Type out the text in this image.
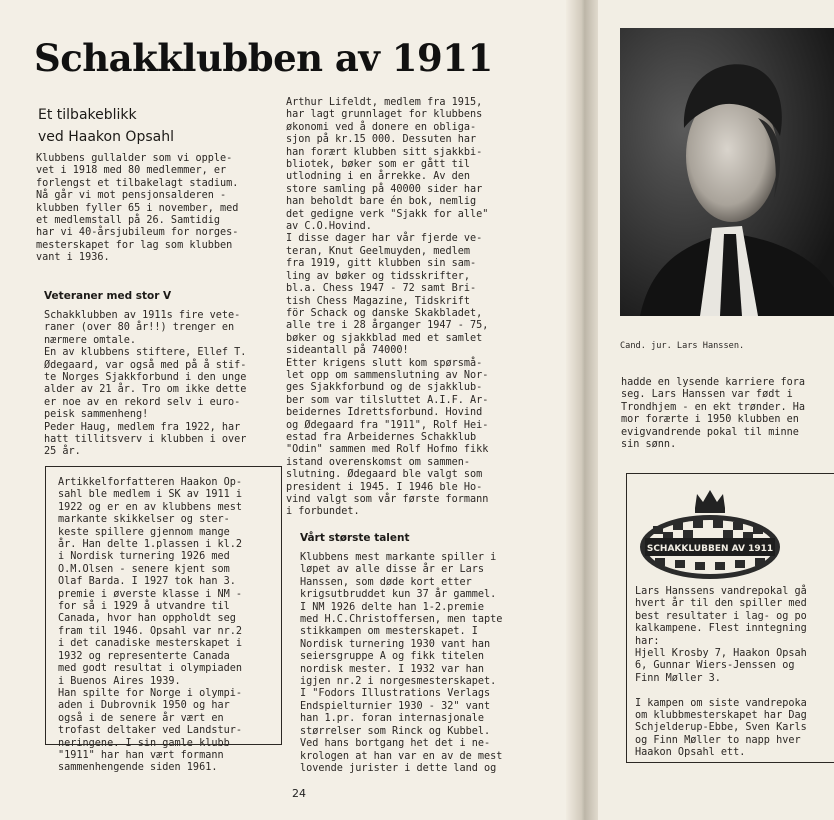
Schakklubben av 1911
Et tilbakeblikk
ved Haakon Opsahl

Klubbens gullalder som vi opple-

vet i 1918 med 80 medlemmer, er

forlengst et tilbakelagt stadium.

Nå går vi mot pensjonsalderen -

klubben fyller 65 i november, med

et medlemstall på 26. Samtidig

har vi 40-årsjubileum for norges-

mesterskapet for lag som klubben

vant i 1936.

Veteraner med stor V

Schakklubben av 1911s fire vete-

raner (over 80 år!!) trenger en

nærmere omtale.

En av klubbens stiftere, Ellef T.

Ødegaard, var også med på å stif-

te Norges Sjakkforbund i den unge

alder av 21 år. Tro om ikke dette

er noe av en rekord selv i euro-

peisk sammenheng!

Peder Haug, medlem fra 1922, har

hatt tillitsverv i klubben i over

25 år.

Artikkelforfatteren Haakon Op-

sahl ble medlem i SK av 1911 i

1922 og er en av klubbens mest

markante skikkelser og ster-

keste spillere gjennom mange

år. Han delte 1.plassen i kl.2

i Nordisk turnering 1926 med

O.M.Olsen - senere kjent som

Olaf Barda. I 1927 tok han 3.

premie i øverste klasse i NM -

for så i 1929 å utvandre til

Canada, hvor han oppholdt seg

fram til 1946. Opsahl var nr.2

i det canadiske mesterskapet i

1932 og representerte Canada

med godt resultat i olympiaden

i Buenos Aires 1939.

Han spilte for Norge i olympi-

aden i Dubrovnik 1950 og har

også i de senere år vært en

trofast deltaker ved Landstur-

neringene. I sin gamle klubb

"1911" har han vært formann

sammenhengende siden 1961.

Arthur Lifeldt, medlem fra 1915,

har lagt grunnlaget for klubbens

økonomi ved å donere en obliga-

sjon på kr.15 000. Dessuten har

han forært klubben sitt sjakkbi-

bliotek, bøker som er gått til

utlodning i en årrekke. Av den

store samling på 40000 sider har

han beholdt bare én bok, nemlig

det gedigne verk "Sjakk for alle"

av C.O.Hovind.

I disse dager har vår fjerde ve-

teran, Knut Geelmuyden, medlem

fra 1919, gitt klubben sin sam-

ling av bøker og tidsskrifter,

bl.a. Chess 1947 - 72 samt Bri-

tish Chess Magazine, Tidskrift

för Schack og danske Skakbladet,

alle tre i 28 årganger 1947 - 75,

bøker og sjakkblad med et samlet

sideantall på 74000!

Etter krigens slutt kom spørsmå-

let opp om sammenslutning av Nor-

ges Sjakkforbund og de sjakklub-

ber som var tilsluttet A.I.F. Ar-

beidernes Idrettsforbund. Hovind

og Ødegaard fra "1911", Rolf Hei-

estad fra Arbeidernes Schakklub

"Odin" sammen med Rolf Hofmo fikk

istand overenskomst om sammen-

slutning. Ødegaard ble valgt som

president i 1945. I 1946 ble Ho-

vind valgt som vår første formann

i forbundet.

Vårt største talent

Klubbens mest markante spiller i

løpet av alle disse år er Lars

Hanssen, som døde kort etter

krigsutbruddet kun 37 år gammel.

I NM 1926 delte han 1-2.premie

med H.C.Christoffersen, men tapte

stikkampen om mesterskapet. I

Nordisk turnering 1930 vant han

seiersgruppe A og fikk titelen

nordisk mester. I 1932 var han

igjen nr.2 i norgesmesterskapet.

I "Fodors Illustrations Verlags

Endspielturnier 1930 - 32" vant

han 1.pr. foran internasjonale

størrelser som Rinck og Kubbel.

Ved hans bortgang het det i ne-

krologen at han var en av de mest

lovende jurister i dette land og

24
Cand. jur. Lars Hanssen.

hadde en lysende karriere fora

seg. Lars Hanssen var født i

Trondhjem - en ekt trønder. Ha

mor forærte i 1950 klubben en

evigvandrende pokal til minne

sin sønn.

SCHAKKLUBBEN AV 1911

Lars Hanssens vandrepokal gå

hvert år til den spiller med

best resultater i lag- og po

kalkampene. Flest inntegning

har:

Hjell Krosby 7, Haakon Opsah

6, Gunnar Wiers-Jenssen og

Finn Møller 3.

I kampen om siste vandrepoka

om klubbmesterskapet har Dag

Schjelderup-Ebbe, Sven Karls

og Finn Møller to napp hver

Haakon Opsahl ett.
